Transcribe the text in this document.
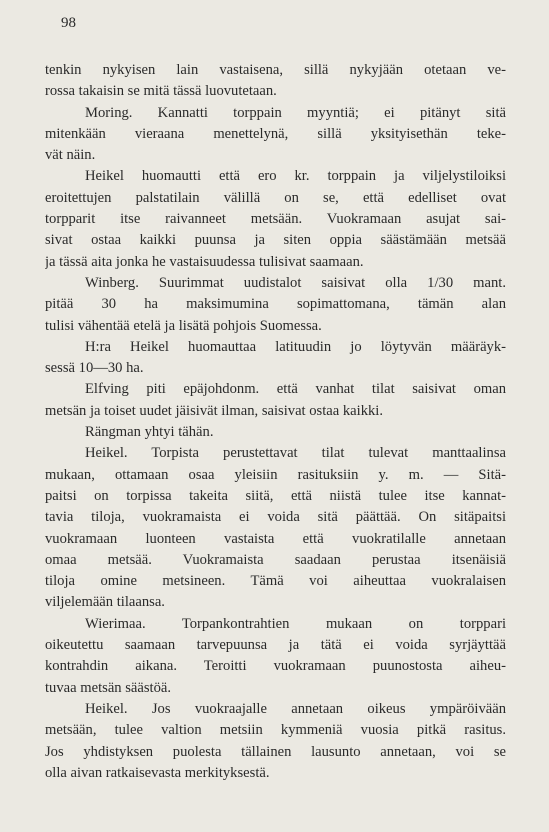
98
tenkin nykyisen lain vastaisena, sillä nykyjään otetaan ve-
rossa takaisin se mitä tässä luovutetaan.
Moring. Kannatti torppain myyntiä; ei pitänyt sitä
mitenkään vieraana menettelynä, sillä yksityisethän teke-
vät näin.
Heikel huomautti että ero kr. torppain ja viljelystiloiksi
eroitettujen palstatilain välillä on se, että edelliset ovat
torpparit itse raivanneet metsään. Vuokramaan asujat sai-
sivat ostaa kaikki puunsa ja siten oppia säästämään metsää
ja tässä aita jonka he vastaisuudessa tulisivat saamaan.
Winberg. Suurimmat uudistalot saisivat olla 1/30 mant.
pitää 30 ha maksimumina sopimattomana, tämän alan
tulisi vähentää etelä ja lisätä pohjois Suomessa.
H:ra Heikel huomauttaa latituudin jo löytyvän määräyk-
sessä 10—30 ha.
Elfving piti epäjohdonm. että vanhat tilat saisivat oman
metsän ja toiset uudet jäisivät ilman, saisivat ostaa kaikki.
Rängman yhtyi tähän.
Heikel. Torpista perustettavat tilat tulevat manttaalinsa
mukaan, ottamaan osaa yleisiin rasituksiin y. m. — Sitä-
paitsi on torpissa takeita siitä, että niistä tulee itse kannat-
tavia tiloja, vuokramaista ei voida sitä päättää. On sitäpaitsi
vuokramaan luonteen vastaista että vuokratilalle annetaan
omaa metsää. Vuokramaista saadaan perustaa itsenäisiä
tiloja omine metsineen. Tämä voi aiheuttaa vuokralaisen
viljelemään tilaansa.
Wierimaa. Torpankontrahtien mukaan on torppari
oikeutettu saamaan tarvepuunsa ja tätä ei voida syrjäyttää
kontrahdin aikana. Teroitti vuokramaan puunostosta aiheu-
tuvaa metsän säästöä.
Heikel. Jos vuokraajalle annetaan oikeus ympäröivään
metsään, tulee valtion metsiin kymmeniä vuosia pitkä rasitus.
Jos yhdistyksen puolesta tällainen lausunto annetaan, voi se
olla aivan ratkaisevasta merkityksestä.
